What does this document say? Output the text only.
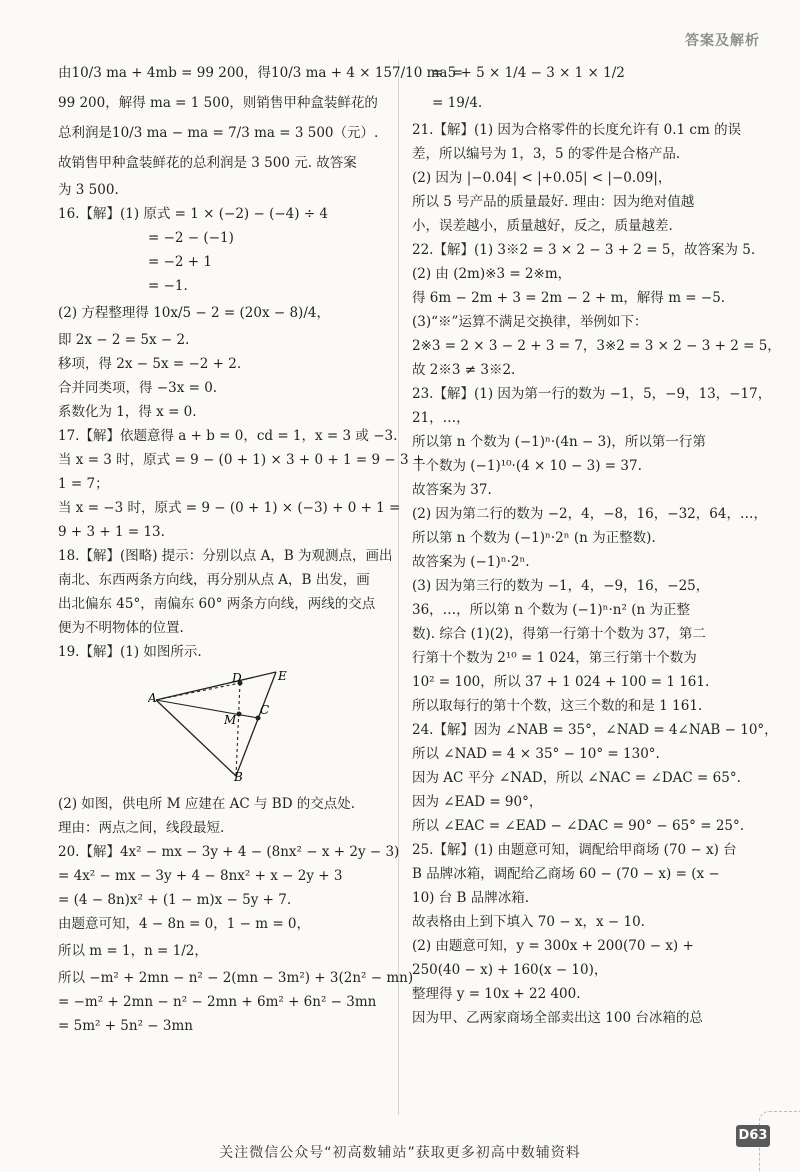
答案及解析

由10/3 ma + 4mb = 99 200，得10/3 ma + 4 × 157/10 ma =

99 200，解得 ma = 1 500，则销售甲种盒装鲜花的

总利润是10/3 ma − ma = 7/3 ma = 3 500（元）.

故销售甲种盒装鲜花的总利润是 3 500 元. 故答案

为 3 500.

16.【解】(1) 原式 = 1 × (−2) − (−4) ÷ 4

= −2 − (−1)

= −2 + 1

= −1.

(2) 方程整理得 10x/5 − 2 = (20x − 8)/4，

即 2x − 2 = 5x − 2.

移项，得 2x − 5x = −2 + 2.

合并同类项，得 −3x = 0.

系数化为 1，得 x = 0.

17.【解】依题意得 a + b = 0，cd = 1，x = 3 或 −3.

当 x = 3 时，原式 = 9 − (0 + 1) × 3 + 0 + 1 = 9 − 3 +

1 = 7；

当 x = −3 时，原式 = 9 − (0 + 1) × (−3) + 0 + 1 =

9 + 3 + 1 = 13.

18.【解】(图略) 提示：分别以点 A，B 为观测点，画出

南北、东西两条方向线，再分别从点 A，B 出发，画

出北偏东 45°，南偏东 60° 两条方向线，两线的交点

便为不明物体的位置.

19.【解】(1) 如图所示.

A
D	E
C
M
B

(2) 如图，供电所 M 应建在 AC 与 BD 的交点处.

理由：两点之间，线段最短.

20.【解】4x² − mx − 3y + 4 − (8nx² − x + 2y − 3)

= 4x² − mx − 3y + 4 − 8nx² + x − 2y + 3

= (4 − 8n)x² + (1 − m)x − 5y + 7.

由题意可知，4 − 8n = 0，1 − m = 0，

所以 m = 1，n = 1/2，

所以 −m² + 2mn − n² − 2(mn − 3m²) + 3(2n² − mn)

= −m² + 2mn − n² − 2mn + 6m² + 6n² − 3mn

= 5m² + 5n² − 3mn

= 5 + 5 × 1/4 − 3 × 1 × 1/2

= 19/4.

21.【解】(1) 因为合格零件的长度允许有 0.1 cm 的误

差，所以编号为 1，3，5 的零件是合格产品.

(2) 因为 |−0.04| < |+0.05| < |−0.09|，

所以 5 号产品的质量最好. 理由：因为绝对值越

小，误差越小，质量越好，反之，质量越差.

22.【解】(1) 3※2 = 3 × 2 − 3 + 2 = 5，故答案为 5.

(2) 由 (2m)※3 = 2※m，

得 6m − 2m + 3 = 2m − 2 + m，解得 m = −5.

(3)“※”运算不满足交换律，举例如下：

2※3 = 2 × 3 − 2 + 3 = 7，3※2 = 3 × 2 − 3 + 2 = 5，

故 2※3 ≠ 3※2.

23.【解】(1) 因为第一行的数为 −1，5，−9，13，−17，

21，…，

所以第 n 个数为 (−1)ⁿ·(4n − 3)，所以第一行第

十个数为 (−1)¹⁰·(4 × 10 − 3) = 37.

故答案为 37.

(2) 因为第二行的数为 −2，4，−8，16，−32，64，…，

所以第 n 个数为 (−1)ⁿ·2ⁿ (n 为正整数).

故答案为 (−1)ⁿ·2ⁿ.

(3) 因为第三行的数为 −1，4，−9，16，−25，

36，…，所以第 n 个数为 (−1)ⁿ·n² (n 为正整

数). 综合 (1)(2)，得第一行第十个数为 37，第二

行第十个数为 2¹⁰ = 1 024，第三行第十个数为

10² = 100，所以 37 + 1 024 + 100 = 1 161.

所以取每行的第十个数，这三个数的和是 1 161.

24.【解】因为 ∠NAB = 35°，∠NAD = 4∠NAB − 10°，

所以 ∠NAD = 4 × 35° − 10° = 130°.

因为 AC 平分 ∠NAD，所以 ∠NAC = ∠DAC = 65°.

因为 ∠EAD = 90°，

所以 ∠EAC = ∠EAD − ∠DAC = 90° − 65° = 25°.

25.【解】(1) 由题意可知，调配给甲商场 (70 − x) 台

B 品牌冰箱，调配给乙商场 60 − (70 − x) = (x −

10) 台 B 品牌冰箱.

故表格由上到下填入 70 − x，x − 10.

(2) 由题意可知，y = 300x + 200(70 − x) +

250(40 − x) + 160(x − 10)，

整理得 y = 10x + 22 400.

因为甲、乙两家商场全部卖出这 100 台冰箱的总

D63
关注微信公众号“初高数辅站”获取更多初高中数辅资料
